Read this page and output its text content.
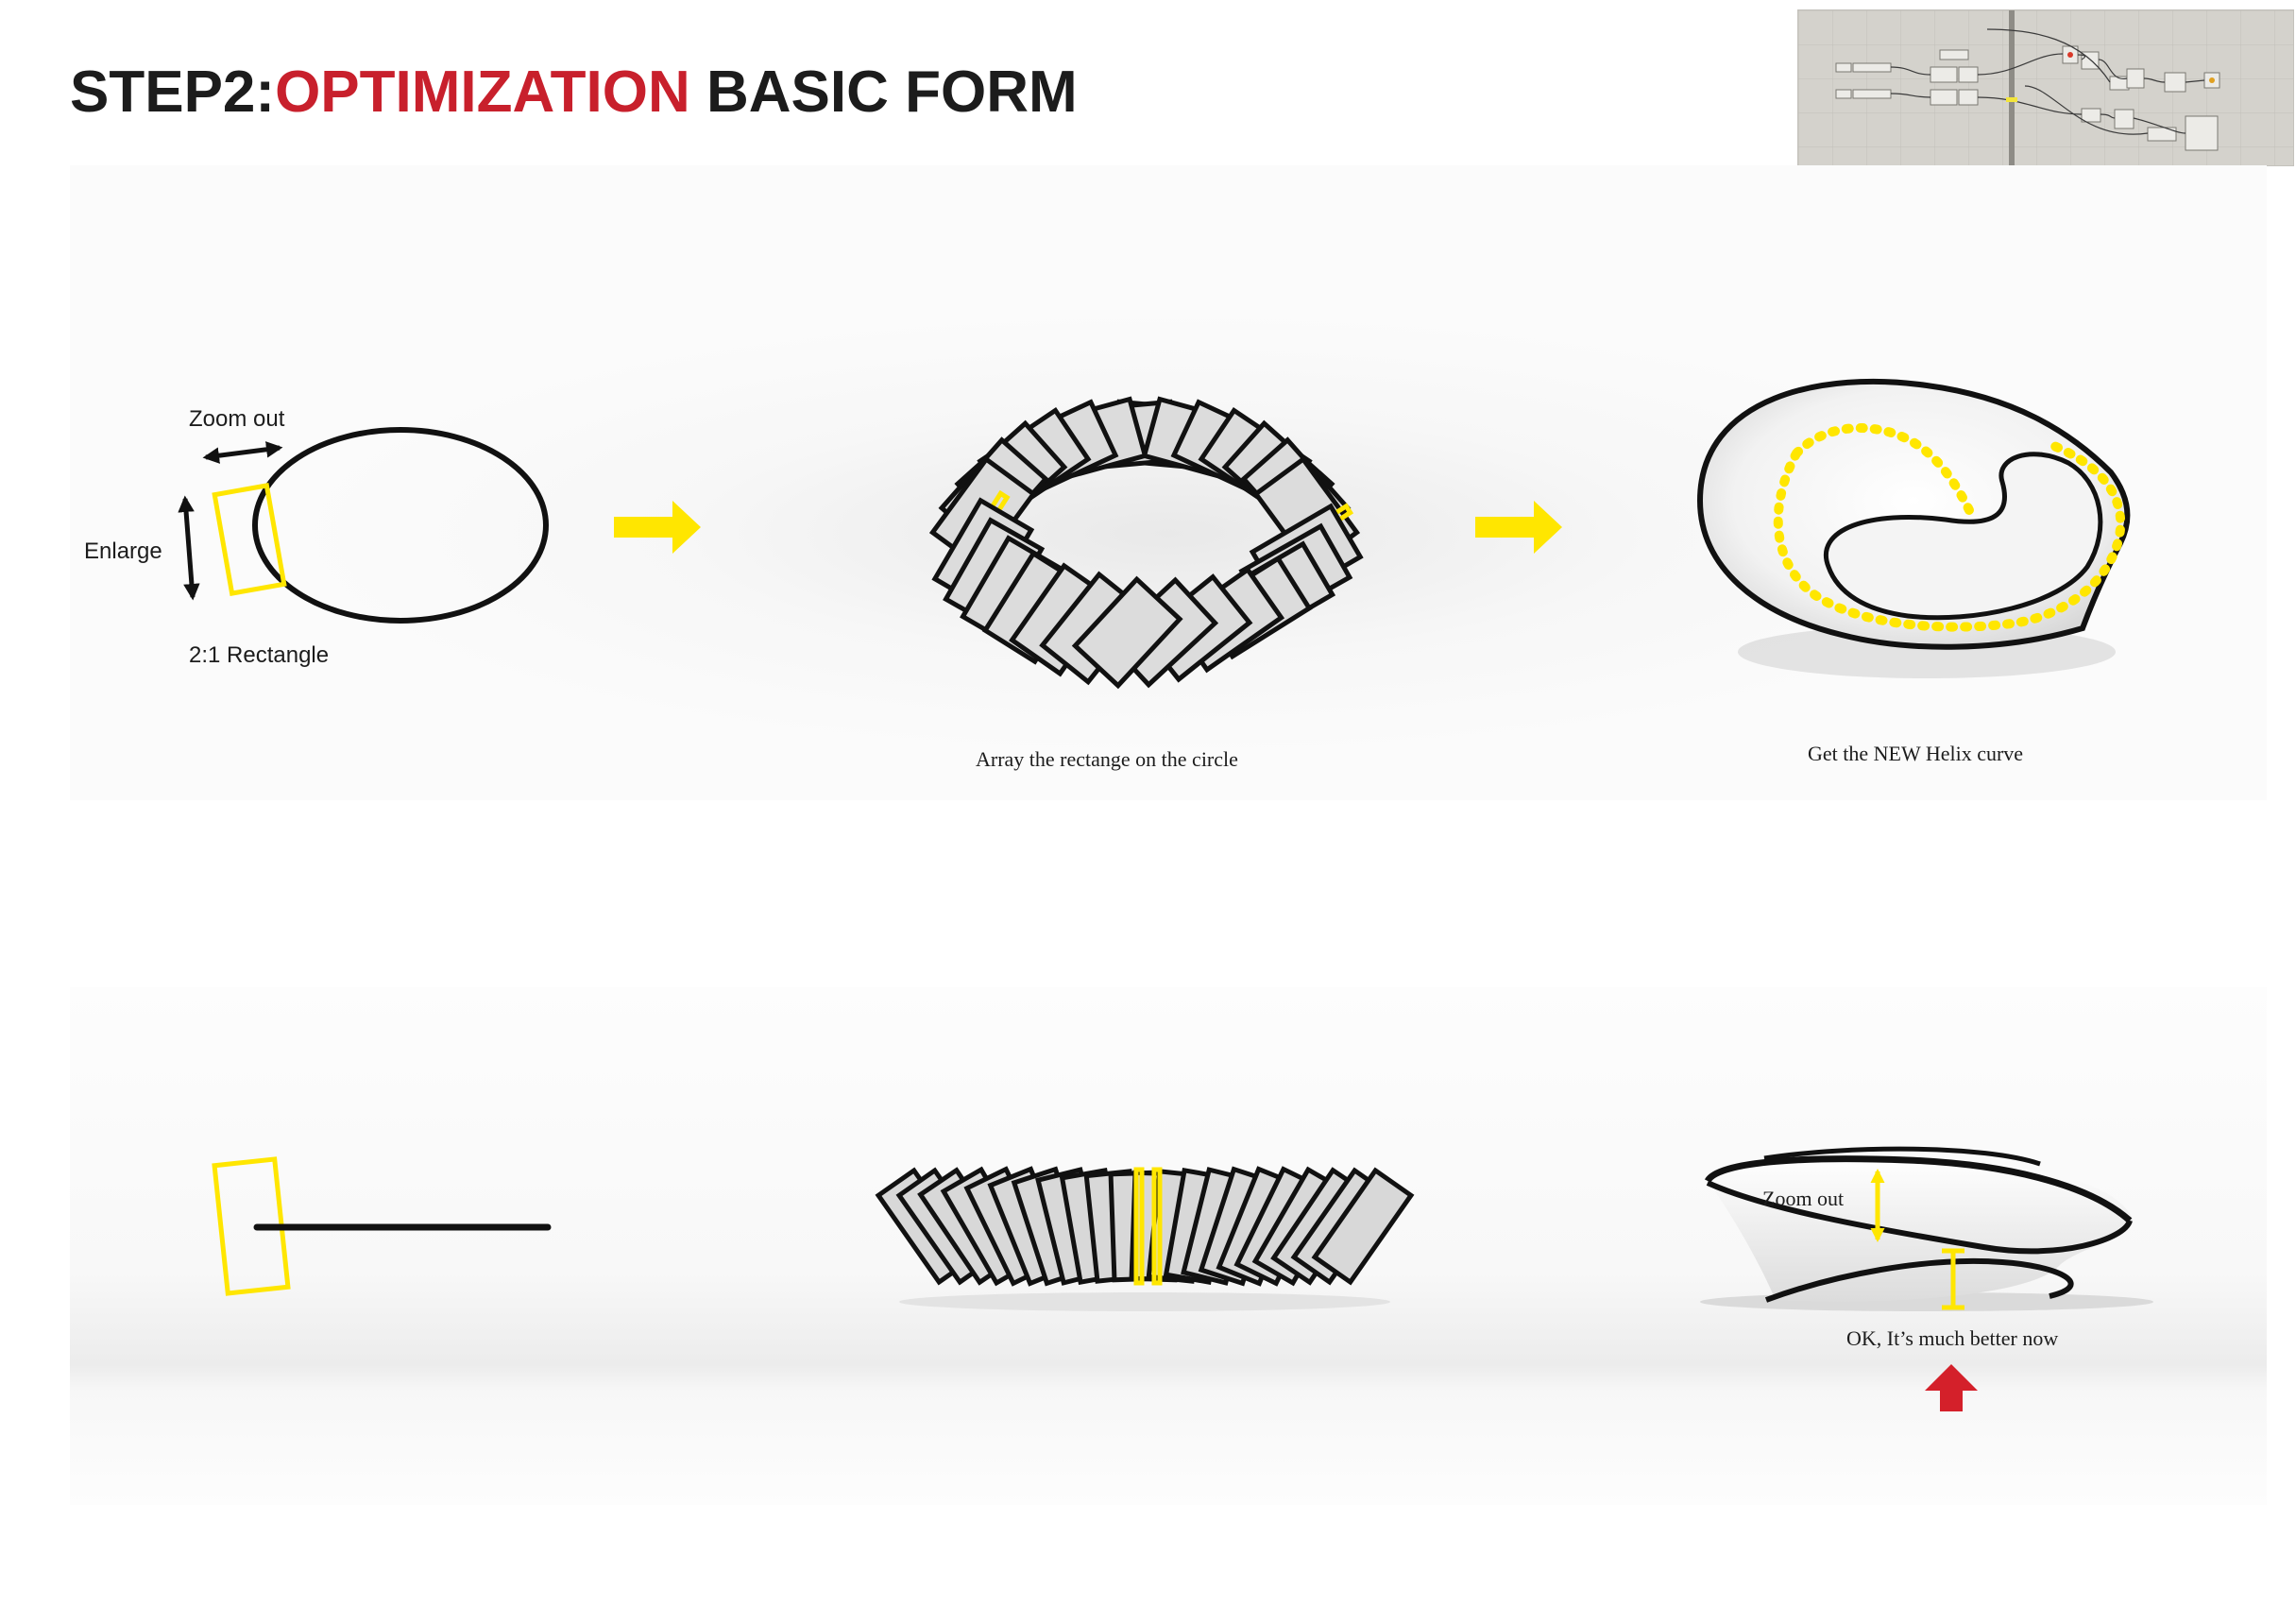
STEP2:OPTIMIZATION BASIC FORM
Zoom out
Enlarge
2:1 Rectangle
Array the rectange on the circle	Get the NEW Helix curve
Zoom out
OK, It’s much better now
